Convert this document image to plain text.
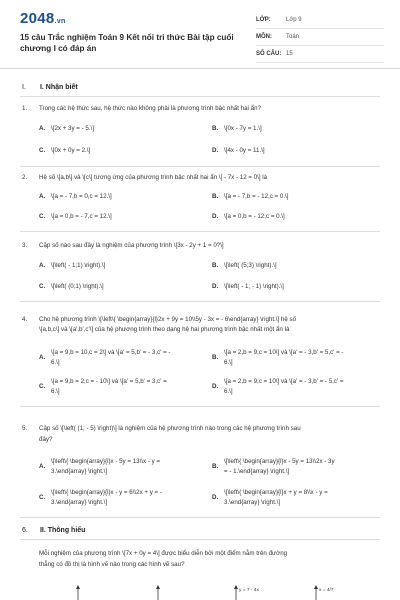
2048.vn
15 câu Trắc nghiệm Toán 9 Kết nối tri thức Bài tập cuối chương I có đáp án
LỚP:	Lớp 9
MÔN: Toán
SỐ CÂU: 15
I. I. Nhận biết
1. Trong các hệ thức sau, hệ thức nào không phải là phương trình bậc nhất hai ẩn?
A. \[2x + 3y = - 5.\]	B. \[0x - 7y = 1.\]
C. \[0x + 0y = 2.\]	D. \[4x - 0y = 11.\]
2. Hệ số \[a,b\] và \[c\] tương ứng của phương trình bậc nhất hai ẩn \[ - 7x - 12 = 0\] là
A. \[a = - 7,b = 0,c = 12.\]	B. \[a = - 7,b = - 12,c = 0.\]
C. \[a = 0,b = - 7,c = 12.\]	D. \[a = 0,b = - 12,c = 0.\]
3. Cặp số nào sau đây là nghiệm của phương trình \[3x - 2y + 1 = 0?\]
A. \[\left( - 1;1) \right).\]	B. \[\left( (5;3) \right).\]
C. \[\left( (0;1) \right).\]	D. \[\left( - 1; - 1) \right).\]
4. Cho hệ phương trình \[\left\{ \begin{array}{l}2x + 9y = 10\\5y - 3x = - 6\end{array} \right.\] hệ số
\[a,b,c\] và \[a',b',c'\] của hệ phương trình theo dạng hệ hai phương trình bậc nhất một ẩn là
A.
\[a = 9,b = 10,c = 2\] và \[a' = 5,b' = - 3,c' = -
6.\]
B.
\[a = 2,b = 9,c = 10\] và \[a' = - 3,b' = 5,c' = -
6.\]
C.
\[a = 9,b = 2,c = - 10\] và \[a' = 5,b' = 3,c' =
6.\]
D.
\[a = 2,b = 9,c = 10\] và \[a' = - 3,b' = - 5,c' =
6.\]
5. Cặp số \[\left( (1; - 5) \right)\] là nghiệm của hệ phương trình nào trong các hệ phương trình sau
đây?
A.
\[\left\{ \begin{array}{l}x - 5y = 13\\x - y =
3.\end{array} \right.\]
B.
\[\left\{ \begin{array}{l}x - 5y = 13\\2x - 3y
= - 1.\end{array} \right.\]
C.
\[\left\{ \begin{array}{l}x - y = 6\\2x + y = -
3.\end{array} \right.\]
D.
\[\left\{ \begin{array}{l}x + y = 8\\x - y =
3.\end{array} \right.\]
6. II. Thông hiểu
Mỗi nghiệm của phương trình \[7x + 0y = 4\] được biểu diễn bởi một điểm nằm trên đường
thẳng có đồ thị là hình vẽ nào trong các hình vẽ sau?
y = 7 · 4x	x = 4/7
